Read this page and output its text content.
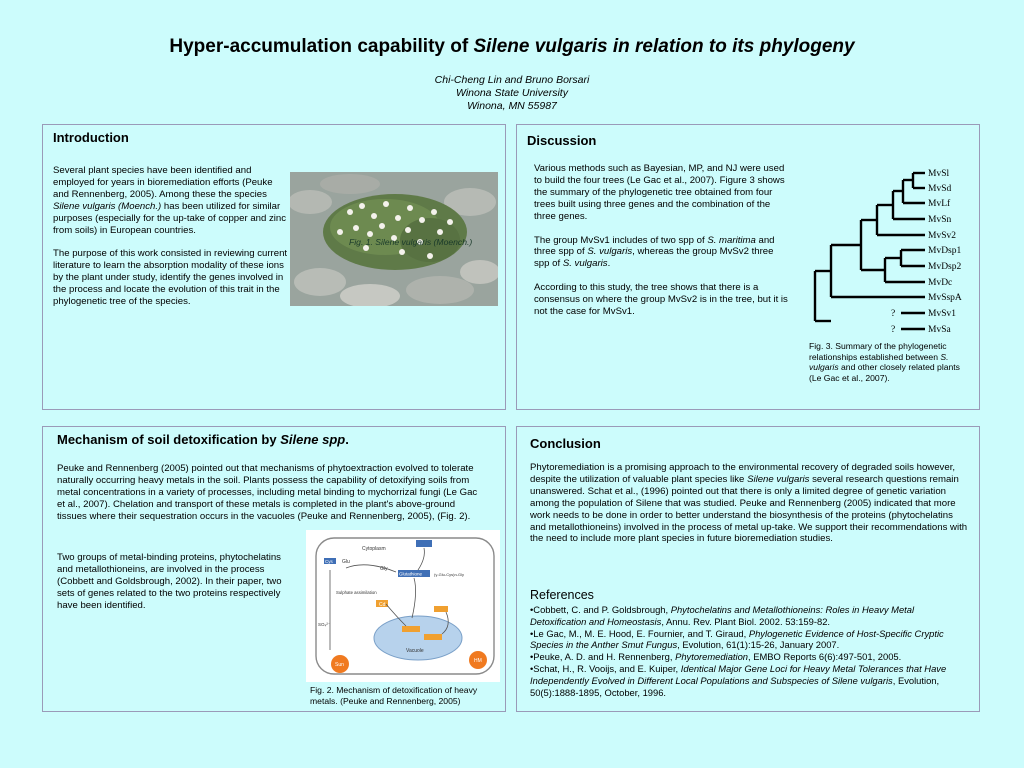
Hyper-accumulation capability of Silene vulgaris in relation to its phylogeny
Chi-Cheng Lin and Bruno Borsari
Winona State University
Winona, MN 55987
Introduction

Several plant species have been identified and employed for years in bioremediation efforts (Peuke and Rennenberg, 2005). Among these the species Silene vulgaris (Moench.) has been utilized for similar purposes (especially for the up-take of copper and zinc from soils) in European countries.

The purpose of this work consisted in reviewing current literature to learn the absorption modality of these ions by the plant under study, identify the genes involved in the process and locate the evolution of this trait in the phylogenetic tree of the species.

Fig. 1. Silene vulgaris (Moench.)
Discussion

Various methods such as Bayesian, MP, and NJ were used to build the four trees (Le Gac et al., 2007). Figure 3 shows the summary of the phylogenetic tree obtained from four trees built using three genes and the combination of the three genes.

The group MvSv1 includes of two spp of S. maritima and three spp of S. vulgaris, whereas the group MvSv2 three spp of S. vulgaris.

According to this study, the tree shows that there is a consensus on where the group MvSv2 is in the tree, but it is not the case for MvSv1.

MvSl
MvSd
MvLf
MvSn
MvSv2
MvDsp1
MvDsp2
MvDc
MvSspA
MvSv1
MvSa
?
?
Fig. 3. Summary of the phylogenetic relationships established between S. vulgaris and other closely related plants (Le Gac et al., 2007).
Mechanism of soil detoxification by Silene spp.
Peuke and Rennenberg (2005) pointed out that mechanisms of phytoextraction evolved to tolerate naturally occurring heavy metals in the soil. Plants possess the capability of detoxifying soils from metal concentrations in a variety of processes, including metal binding to mychorrizal fungi (Le Gac et al., 2007). Chelation and transport of these metals is completed in the plant's above-ground tissues where their sequestration occurs in the vacuoles (Peuke and Rennenberg, 2005), (Fig. 2).
Two groups of metal-binding proteins, phytochelatins and metallothioneins, are involved in the process (Cobbett and Goldsbrough, 2002). In their paper, two sets of genes related to the two proteins respectively have been identified.
Cytoplasm
Vacuole
Cys Glu
Gly
Glutathione	(γ-Glu-Cys)n-Gly
Sulphate assimilation
SO₄²⁻
Cd
Sun
HM
Fig. 2. Mechanism of detoxification of heavy metals. (Peuke and Rennenberg, 2005)
Conclusion
Phytoremediation is a promising approach to the environmental recovery of degraded soils however, despite the utilization of valuable plant species like Silene vulgaris several research questions remain unanswered. Schat et al., (1996) pointed out that there is only a limited degree of genetic variation among the population of Silene that was studied. Peuke and Rennenberg (2005) indicated that more work needs to be done in order to better understand the biosynthesis of the proteins (phytochelatins and metallothioneins) involved in the process of metal up-take. We support their recommendations with the need to include more plant species in future bioremediation studies.
References
•Cobbett, C. and P. Goldsbrough, Phytochelatins and Metallothioneins: Roles in Heavy Metal Detoxification and Homeostasis, Annu. Rev. Plant Biol. 2002. 53:159-82.
•Le Gac, M., M. E. Hood, E. Fournier, and T. Giraud, Phylogenetic Evidence of Host-Specific Cryptic Species in the Anther Smut Fungus, Evolution, 61(1):15-26, January 2007.
•Peuke, A. D. and H. Rennenberg, Phytoremediation, EMBO Reports 6(6):497-501, 2005.
•Schat, H., R. Vooijs, and E. Kuiper, Identical Major Gene Loci for Heavy Metal Tolerances that Have Independently Evolved in Different Local Populations and Subspecies of Silene vulgaris, Evolution, 50(5):1888-1895, October, 1996.
